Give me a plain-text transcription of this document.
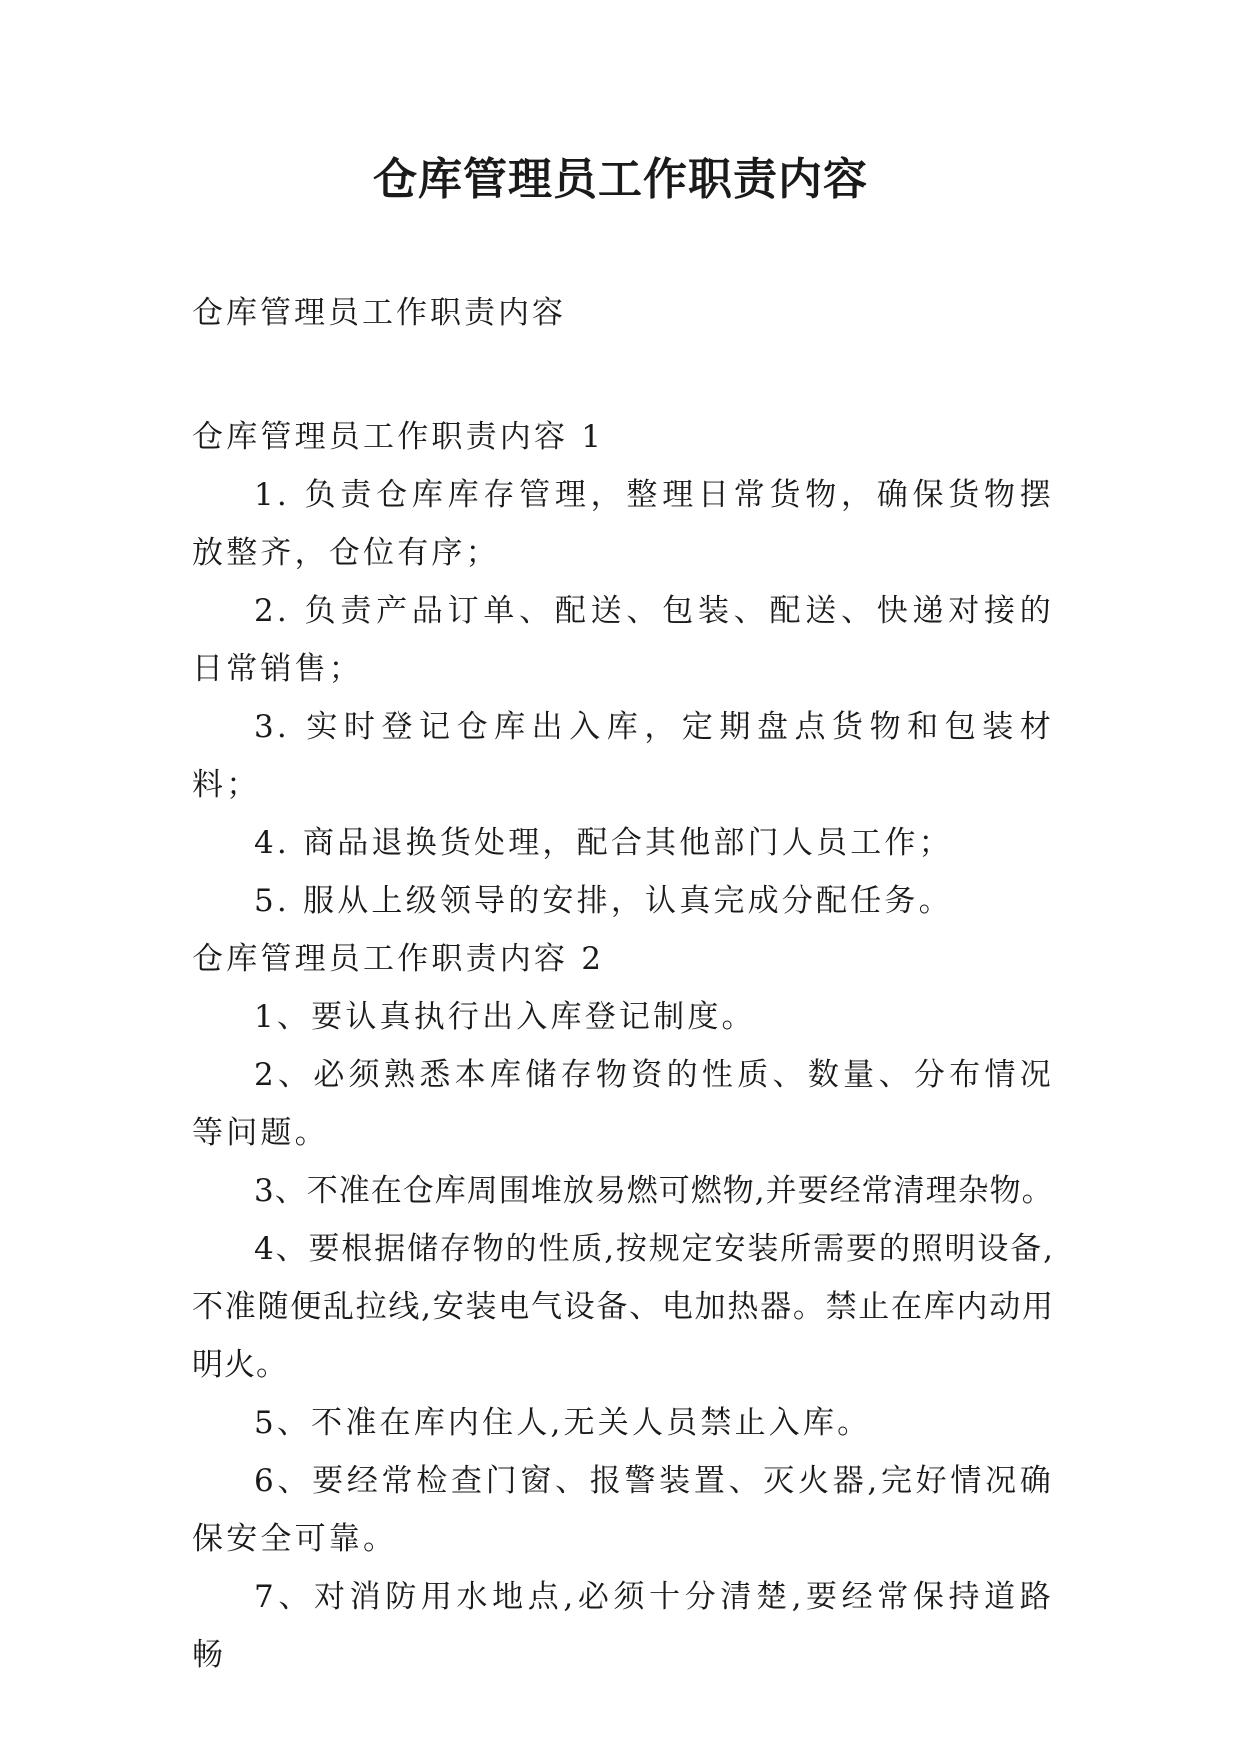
仓库管理员工作职责内容

仓库管理员工作职责内容

仓库管理员工作职责内容 1

1. 负责仓库库存管理，整理日常货物，确保货物摆放整齐，仓位有序；

2. 负责产品订单、配送、包装、配送、快递对接的日常销售；

3. 实时登记仓库出入库，定期盘点货物和包装材料；

4. 商品退换货处理，配合其他部门人员工作；

5. 服从上级领导的安排，认真完成分配任务。

仓库管理员工作职责内容 2

1、要认真执行出入库登记制度。

2、必须熟悉本库储存物资的性质、数量、分布情况等问题。

3、不准在仓库周围堆放易燃可燃物,并要经常清理杂物。

4、要根据储存物的性质,按规定安装所需要的照明设备,不准随便乱拉线,安装电气设备、电加热器。禁止在库内动用明火。

5、不准在库内住人,无关人员禁止入库。

6、要经常检查门窗、报警装置、灭火器,完好情况确保安全可靠。

7、对消防用水地点,必须十分清楚,要经常保持道路畅
